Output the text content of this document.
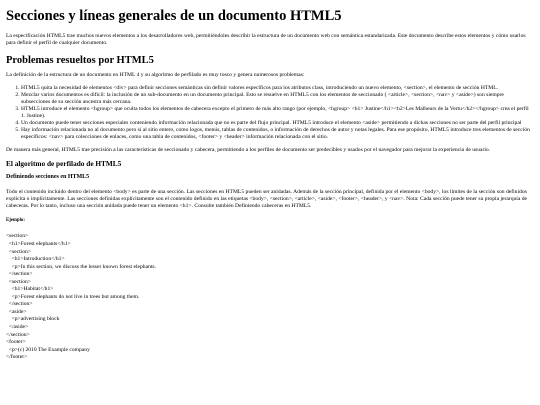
Secciones y líneas generales de un documento HTML5

La especificación HTML5 trae muchos nuevos elementos a los desarrolladores web, permitiéndoles describir la estructura de un documento web con semántica estandarizada. Este documento describe estos elementos y cómo usarlos para definir el perfil de cualquier documento.

Problemas resueltos por HTML5

La definición de la estructura de un documento en HTML 4 y su algoritmo de perfilado es muy tosco y genera numerosos problemas:

1. HTML5 quita la necesidad de elementos <div> para definir secciones semánticas sin definir valores específicos para los atributos class, introduciendo un nuevo elemento, <section>, el elemento de sección HTML.
2. Mezclar varios documentos es difícil: la inclusión de un sub-documento en un documento principal. Esto se resuelve en HTML5 con los elementos de seccionado ( <article>, <section>, <nav> y <aside>) son siempre subsecciones de su sección ancestra más cercana.
3. HTML5 introduce el elemento <hgroup> que oculta todos los elementos de cabecera excepto el primero de más alto rango (por ejemplo, <hgroup> <h1> Justine</h1><h2>Les Malheurs de la Vertu</h2></hgroup> crea el perfil 1. Justine).
4. Un documento puede tener secciones especiales conteniendo información relacionada que no es parte del flujo principal. HTML5 introduce el elemento <aside> permitiendo a dichas secciones no ser parte del perfil principal
5. Hay información relacionada no al documento pero sí al sitio entero, como logos, menús, tablas de contenidos, o información de derechos de autor y notas legales. Para ese propósito, HTML5 introduce tres elementos de sección específicos: <nav> para colecciones de enlaces, como una tabla de contenidos, <footer> y <header> información relacionada con el sitio.

De manera más general, HTML5 trae precisión a las características de seccionado y cabecera, permitiendo a los perfiles de documento ser predecibles y usados por el navegador para mejorar la experiencia de usuario.

El algoritmo de perfilado de HTML5
Definiendo secciones en HTML5

Todo el contenido incluido dentro del elemento <body> es parte de una sección. Las secciones en HTML5 pueden ser anidadas. Además de la sección principal, definida por el elemento <body>, los límites de la sección son definidos explícita o implícitamente. Las secciones definidas explícitamente son el contenido definido en las etiquetas <body>, <section>, <article>, <aside>, <footer>, <header>, y <nav>. Nota: Cada sección puede tener su propia jerarquía de cabeceras. Por lo tanto, incluso una sección anidada puede tener un elemento <h1>. Consulte también Definiendo cabeceras en HTML5.

Ejemplo:
<section>
<h1>Forest elephants</h1>
<section>
<h1>Introduction</h1>
<p>In this section, we discuss the lesser known forest elephants.
</section>
<section>
<h1>Habitat</h1>
<p>Forest elephants do not live in trees but among them.
</section>
<aside>
<p>advertising block
</aside>
</section>
<footer>
<p>(c) 2010 The Example company
</footer>
